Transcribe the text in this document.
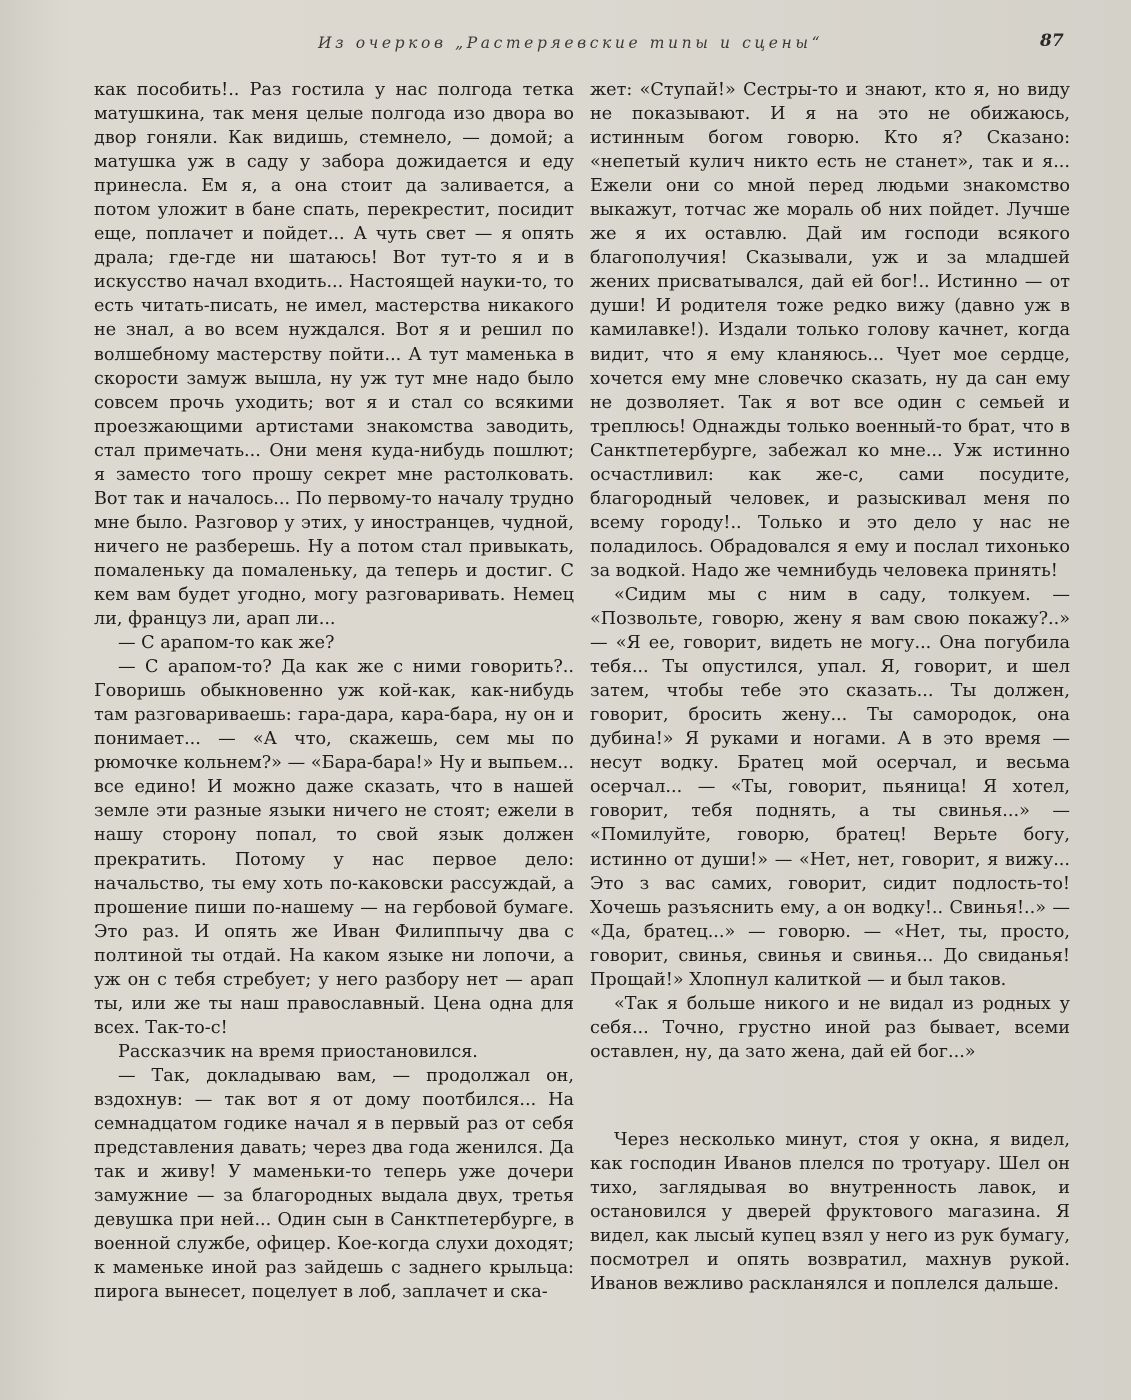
Из очерков „Растеряевские типы и сцены“	87

как пособить!.. Раз гостила у нас полгода тетка матушкина, так меня целые полгода изо двора во двор гоняли. Как видишь, стемнело, — домой; а матушка уж в саду у забора дожидается и еду принесла. Ем я, а она стоит да заливается, а потом уложит в бане спать, перекрестит, посидит еще, поплачет и пойдет... А чуть свет — я опять драла; где-где ни шатаюсь! Вот тут-то я и в искусство начал входить... Настоящей науки-то, то есть читать-писать, не имел, мастерства никакого не знал, а во всем нуждался. Вот я и решил по волшебному мастерству пойти... А тут маменька в скорости замуж вышла, ну уж тут мне надо было совсем прочь уходить; вот я и стал со всякими проезжающими артистами знакомства заводить, стал примечать... Они меня куда-нибудь пошлют; я заместо того прошу секрет мне растолковать. Вот так и началось... По первому-то началу трудно мне было. Разговор у этих, у иностранцев, чудной, ничего не разберешь. Ну а потом стал привыкать, помаленьку да помаленьку, да теперь и достиг. С кем вам будет угодно, могу разговаривать. Немец ли, француз ли, арап ли...

— С арапом-то как же?

— С арапом-то? Да как же с ними говорить?.. Говоришь обыкновенно уж кой-как, как-нибудь там разговариваешь: гара-дара, кара-бара, ну он и понимает... — «А что, скажешь, сем мы по рюмочке кольнем?» — «Бара-бара!» Ну и выпьем... все едино! И можно даже сказать, что в нашей земле эти разные языки ничего не стоят; ежели в нашу сторону попал, то свой язык должен прекратить. Потому у нас первое дело: начальство, ты ему хоть по-каковски рассуждай, а прошение пиши по-нашему — на гербовой бумаге. Это раз. И опять же Иван Филиппычу два с полтиной ты отдай. На каком языке ни лопочи, а уж он с тебя стребует; у него разбору нет — арап ты, или же ты наш православный. Цена одна для всех. Так-то-с!

Рассказчик на время приостановился.

— Так, докладываю вам, — продолжал он, вздохнув: — так вот я от дому поотбился... На семнадцатом годике начал я в первый раз от себя представления давать; через два года женился. Да так и живу! У маменьки-то теперь уже дочери замужние — за благородных выдала двух, третья девушка при ней... Один сын в Санктпетербурге, в военной службе, офицер. Кое-когда слухи доходят; к маменьке иной раз зайдешь с заднего крыльца: пирога вынесет, поцелует в лоб, заплачет и ска-

жет: «Ступай!» Сестры-то и знают, кто я, но виду не показывают. И я на это не обижаюсь, истинным богом говорю. Кто я? Сказано: «непетый кулич никто есть не станет», так и я... Ежели они со мной перед людьми знакомство выкажут, тотчас же мораль об них пойдет. Лучше же я их оставлю. Дай им господи всякого благополучия! Сказывали, уж и за младшей жених присватывался, дай ей бог!.. Истинно — от души! И родителя тоже редко вижу (давно уж в камилавке!). Издали только голову качнет, когда видит, что я ему кланяюсь... Чует мое сердце, хочется ему мне словечко сказать, ну да сан ему не дозволяет. Так я вот все один с семьей и треплюсь! Однажды только военный-то брат, что в Санктпетербурге, забежал ко мне... Уж истинно осчастливил: как же-с, сами посудите, благородный человек, и разыскивал меня по всему городу!.. Только и это дело у нас не поладилось. Обрадовался я ему и послал тихонько за водкой. Надо же чемнибудь человека принять!

«Сидим мы с ним в саду, толкуем. — «Позвольте, говорю, жену я вам свою покажу?..» — «Я ее, говорит, видеть не могу... Она погубила тебя... Ты опустился, упал. Я, говорит, и шел затем, чтобы тебе это сказать... Ты должен, говорит, бросить жену... Ты самородок, она дубина!» Я руками и ногами. А в это время — несут водку. Братец мой осерчал, и весьма осерчал... — «Ты, говорит, пьяница! Я хотел, говорит, тебя поднять, а ты свинья...» — «Помилуйте, говорю, братец! Верьте богу, истинно от души!» — «Нет, нет, говорит, я вижу... Это з вас самих, говорит, сидит подлость-то! Хочешь разъяснить ему, а он водку!.. Свинья!..» — «Да, братец...» — говорю. — «Нет, ты, просто, говорит, свинья, свинья и свинья... До свиданья! Прощай!» Хлопнул калиткой — и был таков.

«Так я больше никого и не видал из родных у себя... Точно, грустно иной раз бывает, всеми оставлен, ну, да зато жена, дай ей бог...»

Через несколько минут, стоя у окна, я видел, как господин Иванов плелся по тротуару. Шел он тихо, заглядывая во внутренность лавок, и остановился у дверей фруктового магазина. Я видел, как лысый купец взял у него из рук бумагу, посмотрел и опять возвратил, махнув рукой. Иванов вежливо раскланялся и поплелся дальше.
